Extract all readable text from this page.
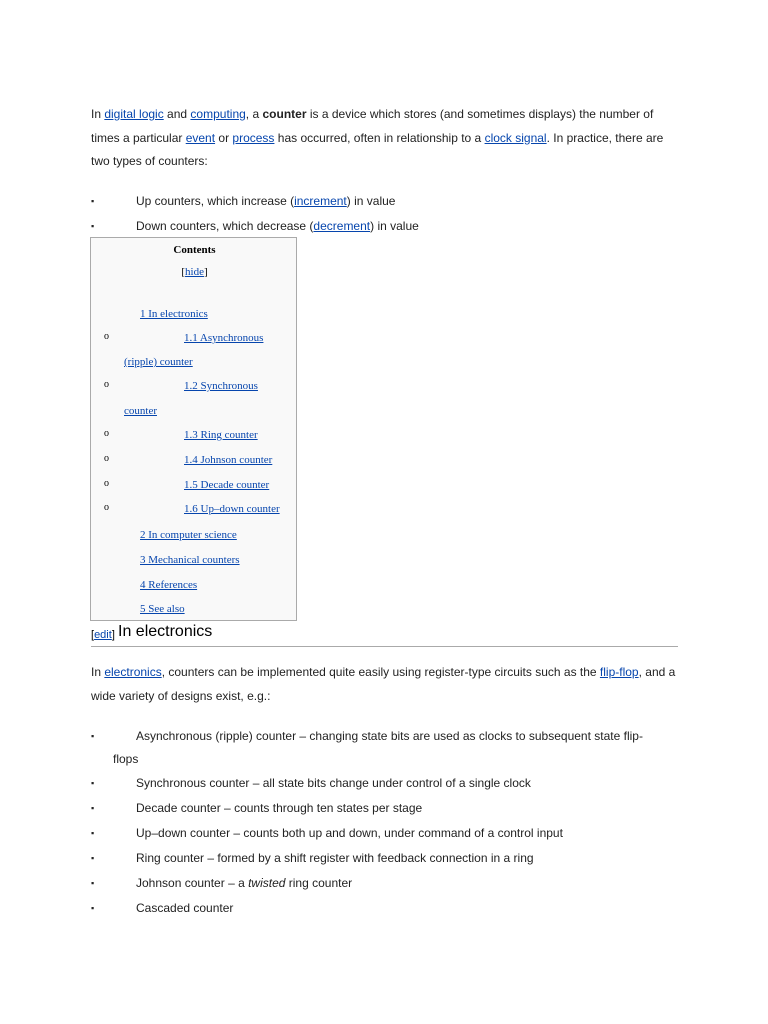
In digital logic and computing, a counter is a device which stores (and sometimes displays) the number of times a particular event or process has occurred, often in relationship to a clock signal. In practice, there are two types of counters:
▪	Up counters, which increase (increment) in value
▪	Down counters, which decrease (decrement) in value
Contents
[hide]
1 In electronics
o	1.1 Asynchronous
(ripple) counter
o	1.2 Synchronous
counter
o	1.3 Ring counter
o	1.4 Johnson counter
o	1.5 Decade counter
o	1.6 Up–down counter
2 In computer science
3 Mechanical counters
4 References
5 See also
[edit] In electronics
In electronics, counters can be implemented quite easily using register-type circuits such as the flip-flop, and a wide variety of designs exist, e.g.:
▪	Asynchronous (ripple) counter – changing state bits are used as clocks to subsequent state flip-
flops
▪	Synchronous counter – all state bits change under control of a single clock
▪	Decade counter – counts through ten states per stage
▪	Up–down counter – counts both up and down, under command of a control input
▪	Ring counter – formed by a shift register with feedback connection in a ring
▪	Johnson counter – a twisted ring counter
▪	Cascaded counter
